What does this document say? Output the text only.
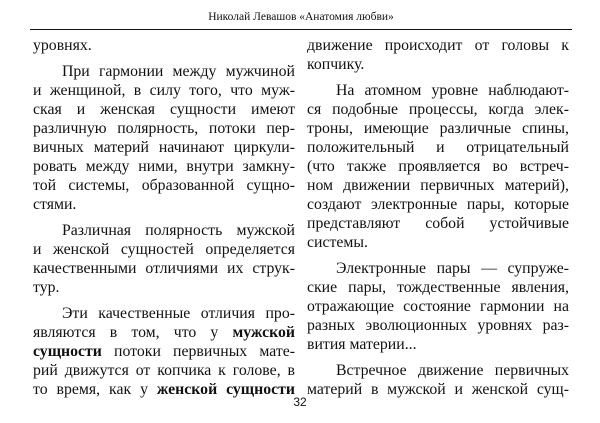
Николай Левашов «Анатомия любви»
уровнях.
При гармонии между мужчиной
и женщиной, в силу того, что муж-
ская и женская сущности имеют
различную полярность, потоки пер-
вичных материй начинают циркули-
ровать между ними, внутри замкну-
той системы, образованной сущно-
стями.
Различная полярность мужской
и женской сущностей определяется
качественными отличиями их струк-
тур.
Эти качественные отличия про-
являются в том, что у мужской
сущности потоки первичных мате-
рий движутся от копчика к голове, в
то время, как у женской сущности
движение происходит от головы к
копчику.
На атомном уровне наблюдают-
ся подобные процессы, когда элек-
троны, имеющие различные спины,
положительный и отрицательный
(что также проявляется во встреч-
ном движении первичных материй),
создают электронные пары, которые
представляют собой устойчивые
системы.
Электронные пары — супруже-
ские пары, тождественные явления,
отражающие состояние гармонии на
разных эволюционных уровнях раз-
вития материи...
Встречное движение первичных
материй в мужской и женской сущ-
32
